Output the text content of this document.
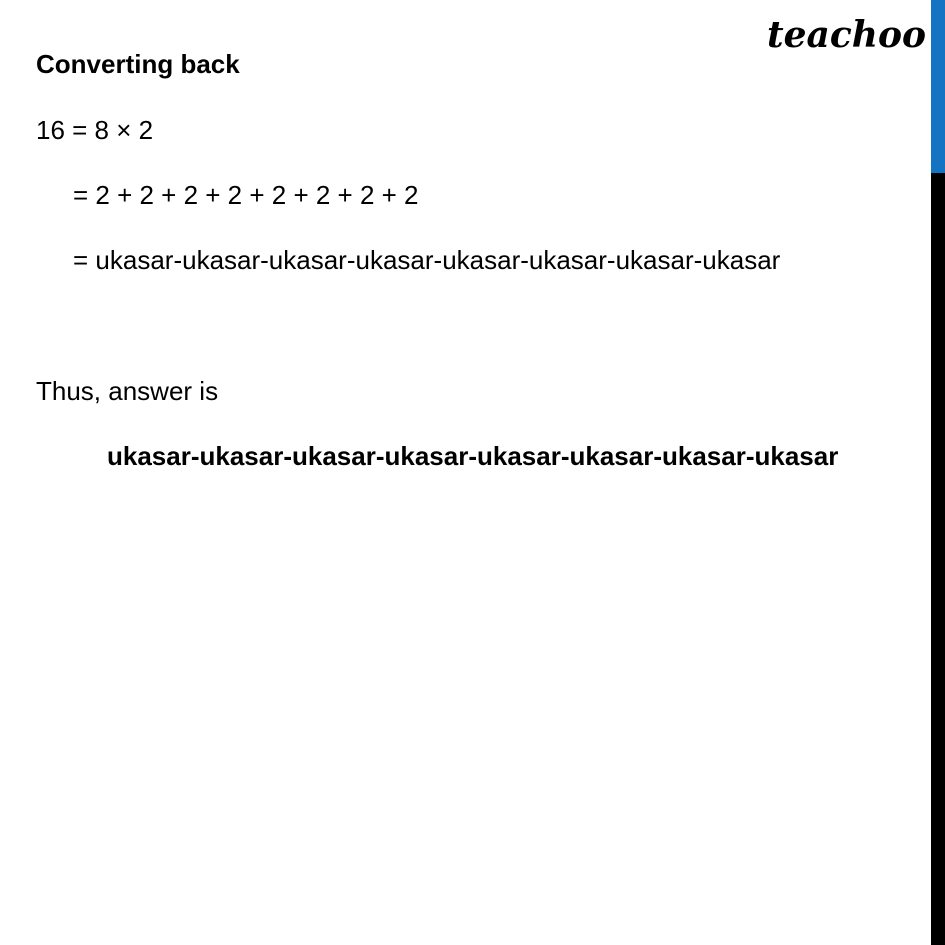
teachoo
Converting back
16 = 8 × 2
= 2 + 2 + 2 + 2 + 2 + 2 + 2 + 2
= ukasar-ukasar-ukasar-ukasar-ukasar-ukasar-ukasar-ukasar
Thus, answer is
ukasar-ukasar-ukasar-ukasar-ukasar-ukasar-ukasar-ukasar
